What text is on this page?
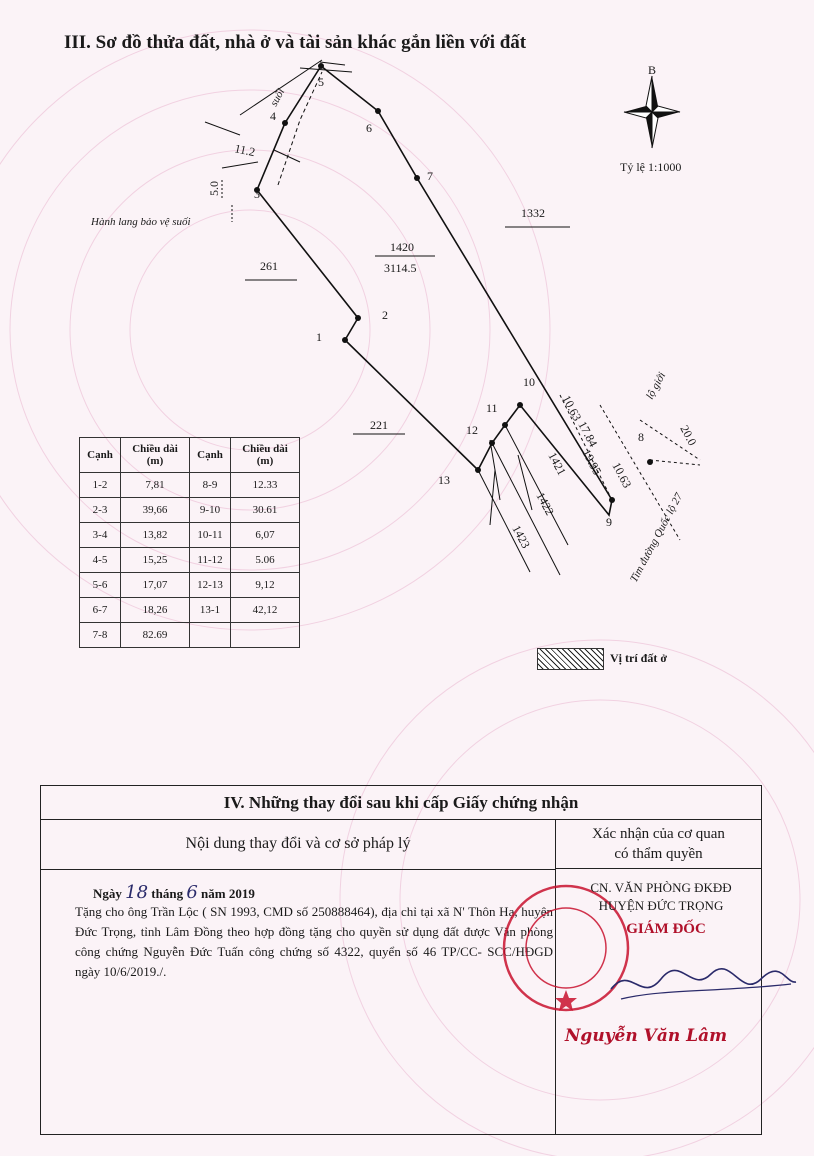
III. Sơ đồ thửa đất, nhà ở và tài sản khác gắn liền với đất
1
2
3
4
5
6
7
8
9
10
11
12
13
B
Tỷ lệ 1:1000
suối
11.2
5.0
Hành lang bảo vệ suối
1332
1420
3114.5
261
221
1421
1422
1423
10.63
17.84
19.95 10.63
20.0
lộ giới
Tim đường Quốc lộ 27
Cạnh	Chiều dài (m)	Cạnh	Chiều dài (m)
1-2	7,81	8-9	12.33
2-3	39,66	9-10	30.61
3-4	13,82	10-11	6,07
4-5	15,25	11-12	5.06
5-6	17,07	12-13	9,12
6-7	18,26	13-1	42,12
7-8	82.69		
Vị trí đất ở
IV. Những thay đổi sau khi cấp Giấy chứng nhận
Nội dung thay đổi và cơ sở pháp lý
Xác nhận của cơ quan
có thẩm quyền
Ngày 18 tháng 6 năm 2019
Tặng cho ông Trần Lộc ( SN 1993, CMD số 250888464), địa chỉ tại xã N' Thôn Hạ, huyện Đức Trọng, tỉnh Lâm Đồng theo hợp đồng tặng cho quyền sử dụng đất được Văn phòng công chứng Nguyễn Đức Tuấn công chứng số 4322, quyển số 46 TP/CC- SCC/HĐGD ngày 10/6/2019./.
CN. VĂN PHÒNG ĐKĐĐ
HUYỆN ĐỨC TRỌNG
GIÁM ĐỐC
Nguyễn Văn Lâm
